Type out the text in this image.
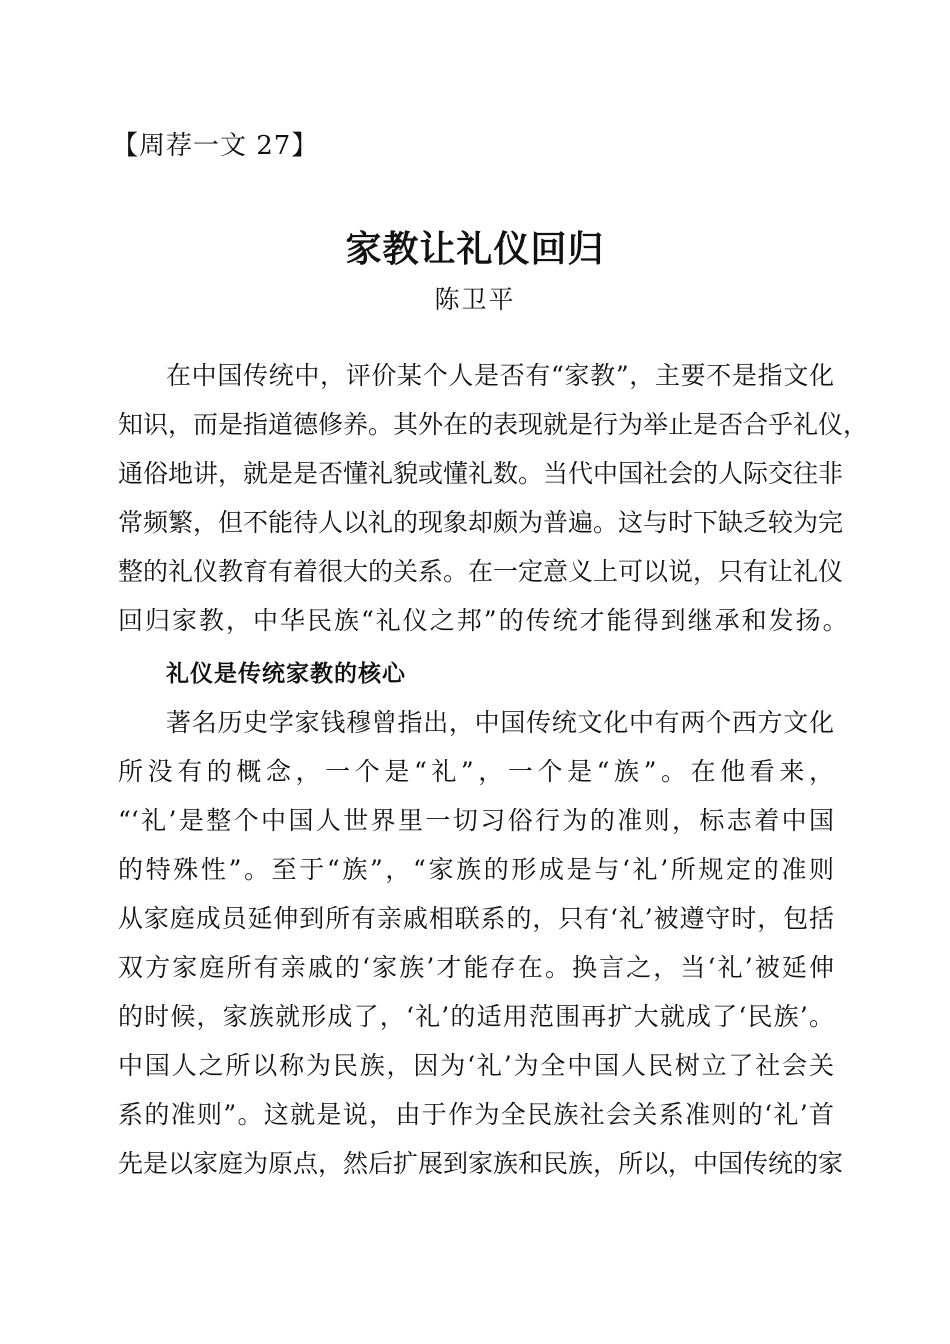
【周荐一文 27】
家教让礼仪回归
陈卫平
在中国传统中，评价某个人是否有“家教”，主要不是指文化
知识，而是指道德修养。其外在的表现就是行为举止是否合乎礼仪，
通俗地讲，就是是否懂礼貌或懂礼数。当代中国社会的人际交往非
常频繁，但不能待人以礼的现象却颇为普遍。这与时下缺乏较为完
整的礼仪教育有着很大的关系。在一定意义上可以说，只有让礼仪
回归家教，中华民族“礼仪之邦”的传统才能得到继承和发扬。
礼仪是传统家教的核心
著名历史学家钱穆曾指出，中国传统文化中有两个西方文化
所没有的概念，一个是“礼”，一个是“族”。在他看来，
“‘礼’是整个中国人世界里一切习俗行为的准则，标志着中国
的特殊性”。至于“族”，“家族的形成是与‘礼’所规定的准则
从家庭成员延伸到所有亲戚相联系的，只有‘礼’被遵守时，包括
双方家庭所有亲戚的‘家族’才能存在。换言之，当‘礼’被延伸
的时候，家族就形成了，‘礼’的适用范围再扩大就成了‘民族’。
中国人之所以称为民族，因为‘礼’为全中国人民树立了社会关
系的准则”。这就是说，由于作为全民族社会关系准则的‘礼’首
先是以家庭为原点，然后扩展到家族和民族，所以，中国传统的家
